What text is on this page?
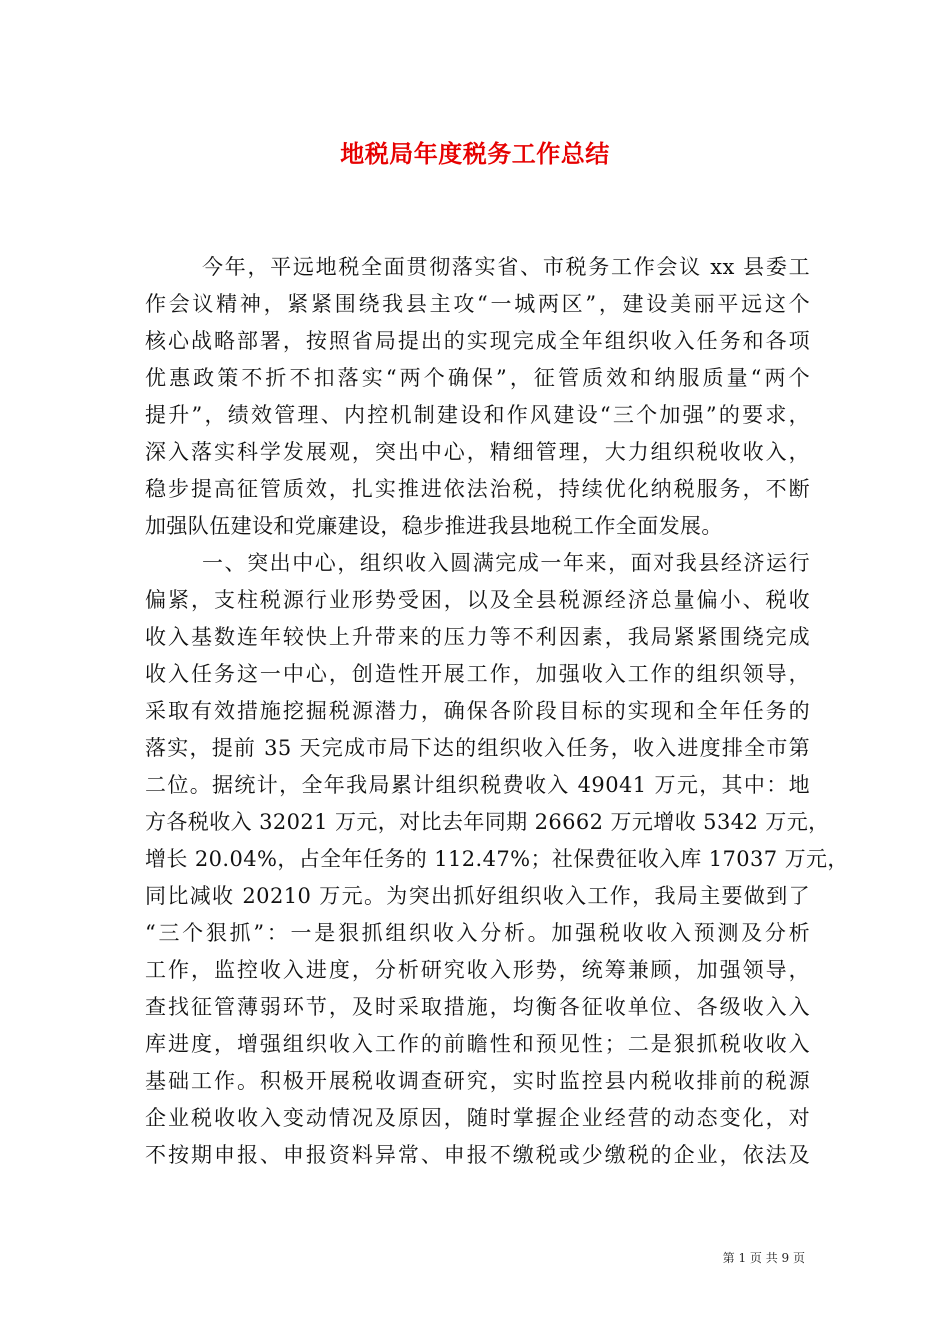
地税局年度税务工作总结
今年，平远地税全面贯彻落实省、市税务工作会议 xx 县委工
作会议精神，紧紧围绕我县主攻“一城两区”，建设美丽平远这个
核心战略部署，按照省局提出的实现完成全年组织收入任务和各项
优惠政策不折不扣落实“两个确保”，征管质效和纳服质量“两个
提升”，绩效管理、内控机制建设和作风建设“三个加强”的要求，
深入落实科学发展观，突出中心，精细管理，大力组织税收收入，
稳步提高征管质效，扎实推进依法治税，持续优化纳税服务，不断
加强队伍建设和党廉建设，稳步推进我县地税工作全面发展。
一、突出中心，组织收入圆满完成一年来，面对我县经济运行
偏紧，支柱税源行业形势受困，以及全县税源经济总量偏小、税收
收入基数连年较快上升带来的压力等不利因素，我局紧紧围绕完成
收入任务这一中心，创造性开展工作，加强收入工作的组织领导，
采取有效措施挖掘税源潜力，确保各阶段目标的实现和全年任务的
落实，提前 35 天完成市局下达的组织收入任务，收入进度排全市第
二位。据统计，全年我局累计组织税费收入 49041 万元，其中：地
方各税收入 32021 万元，对比去年同期 26662 万元增收 5342 万元，
增长 20.04%，占全年任务的 112.47%；社保费征收入库 17037 万元，
同比减收 20210 万元。为突出抓好组织收入工作，我局主要做到了
“三个狠抓”：一是狠抓组织收入分析。加强税收收入预测及分析
工作，监控收入进度，分析研究收入形势，统筹兼顾，加强领导，
查找征管薄弱环节，及时采取措施，均衡各征收单位、各级收入入
库进度，增强组织收入工作的前瞻性和预见性；二是狠抓税收收入
基础工作。积极开展税收调查研究，实时监控县内税收排前的税源
企业税收收入变动情况及原因，随时掌握企业经营的动态变化，对
不按期申报、申报资料异常、申报不缴税或少缴税的企业，依法及
第 1 页 共 9 页
